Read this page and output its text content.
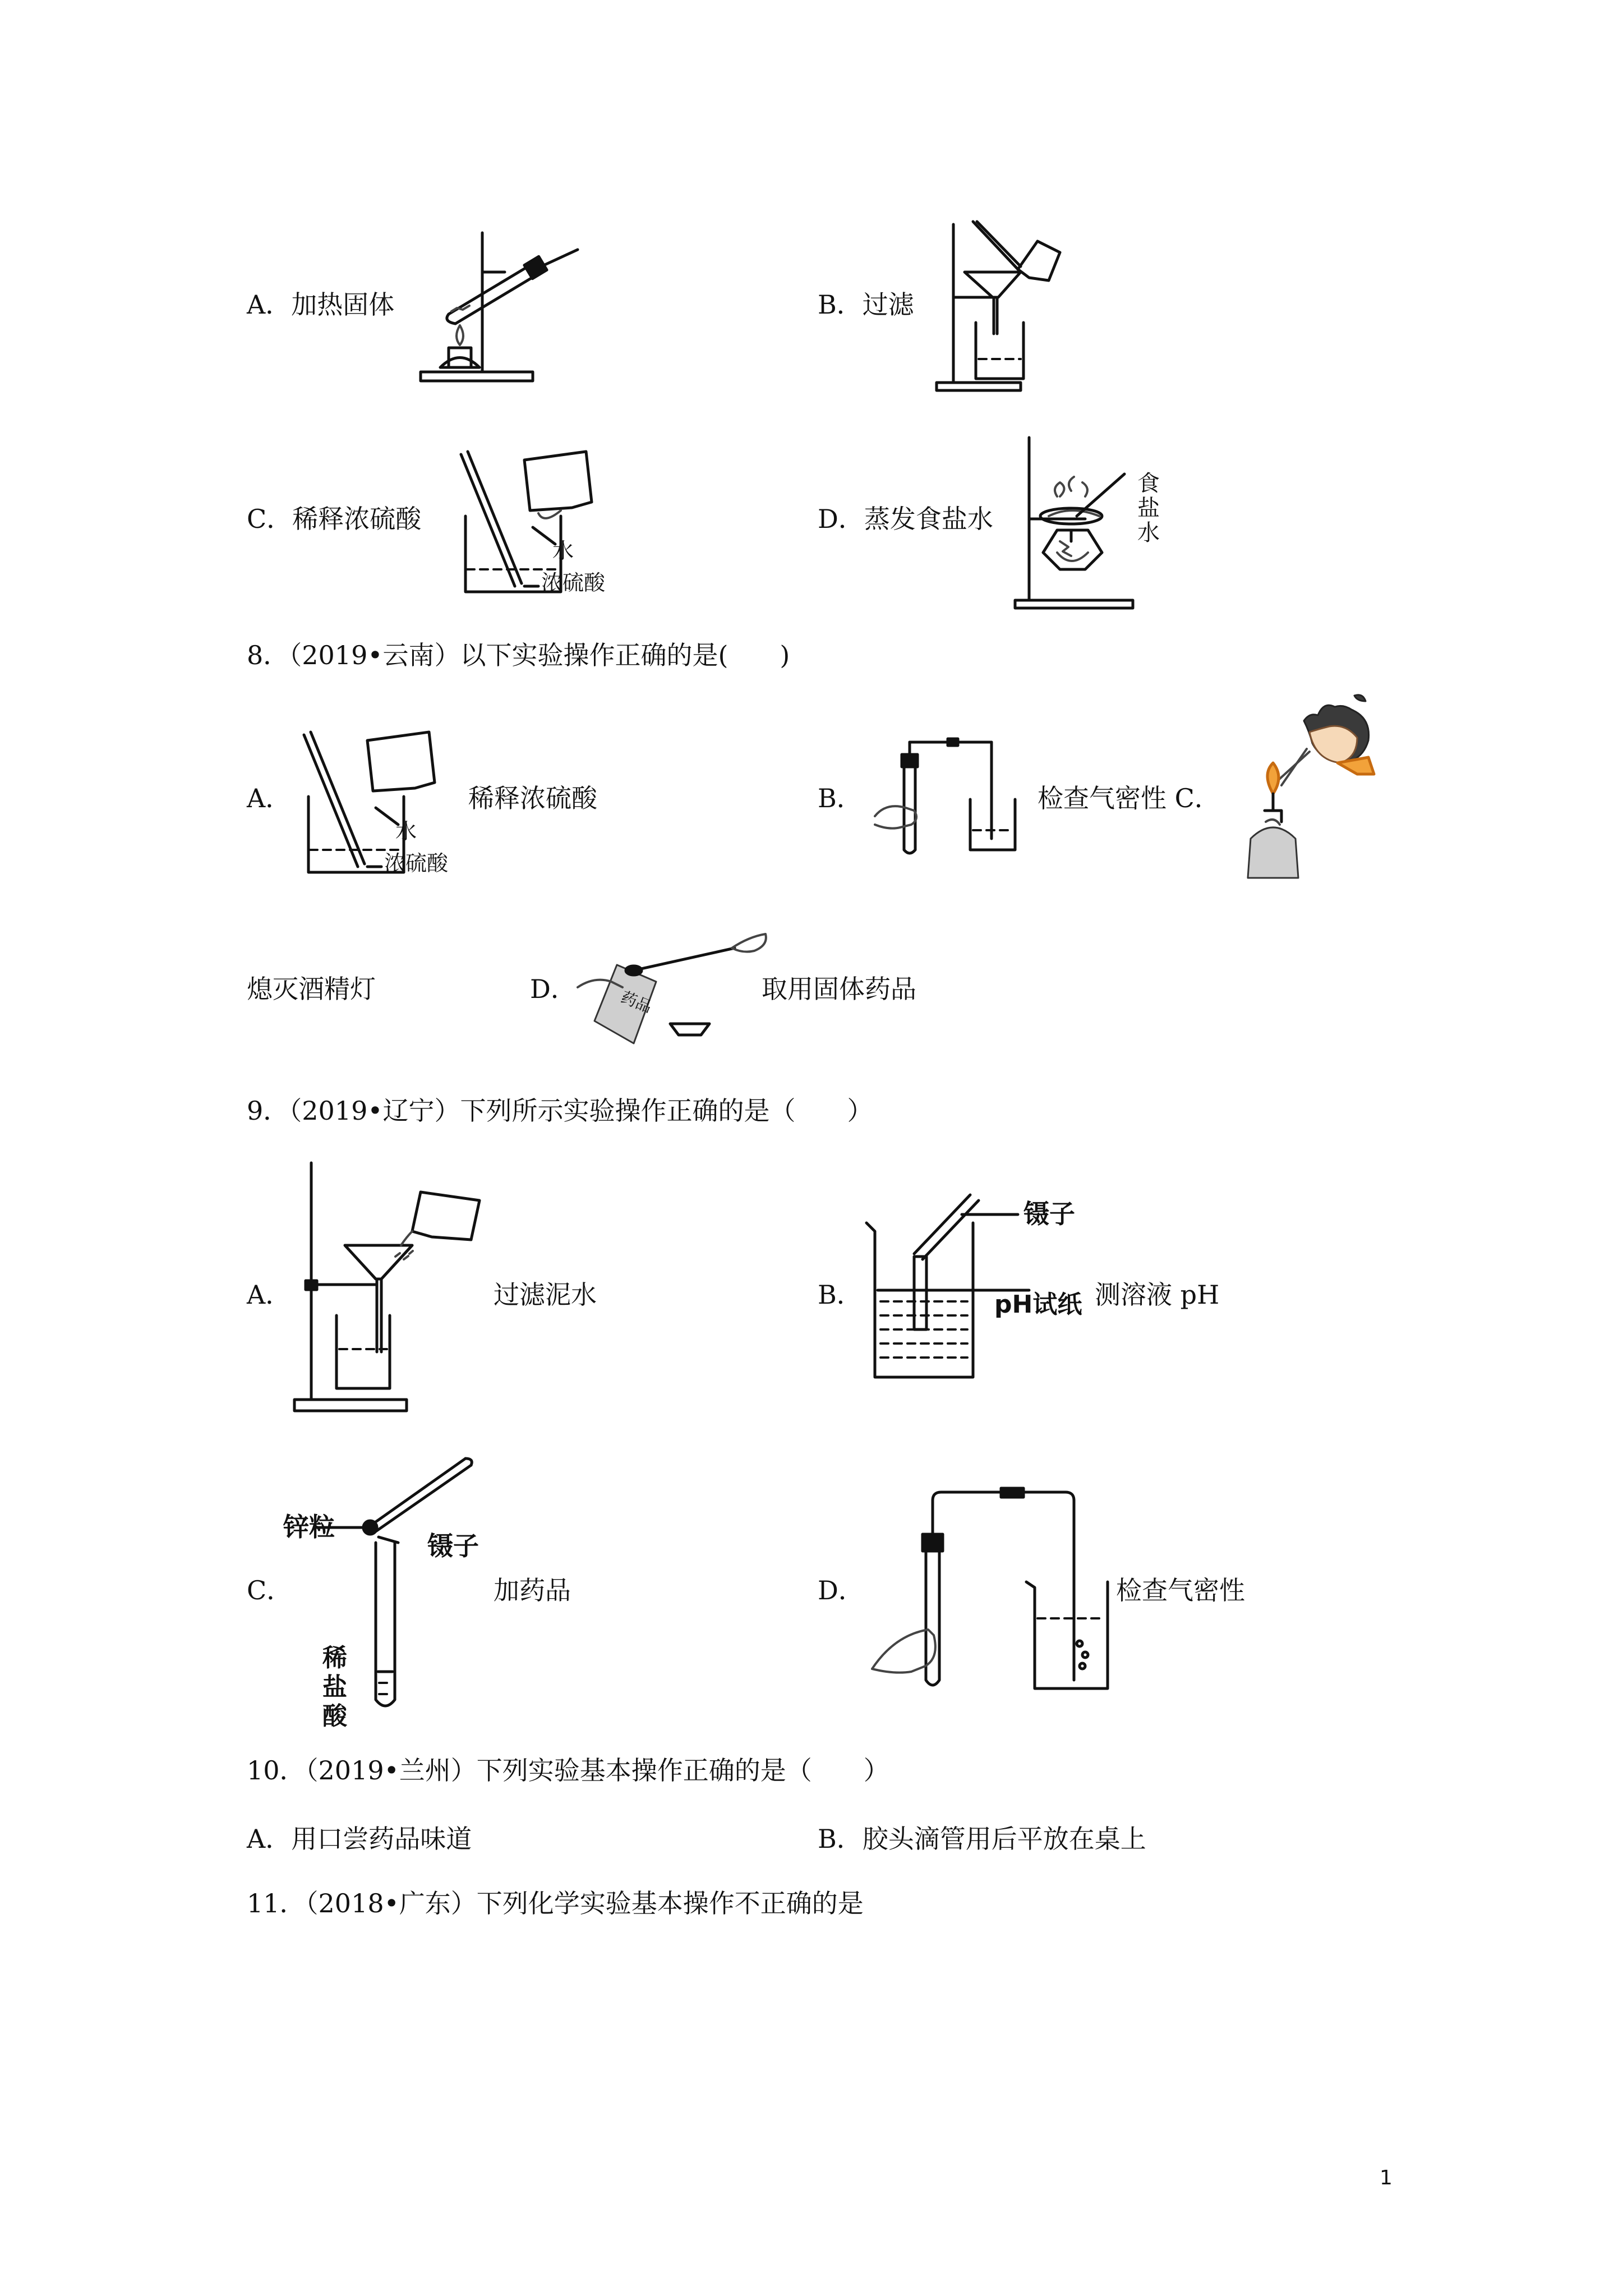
A．加热固体	B．过滤
C．稀释浓硫酸
水
浓硫酸
D．蒸发食盐水
食
盐
水
8．（2019•云南）以下实验操作正确的是(　　)
A．
水
浓硫酸
稀释浓硫酸	B．	检查气密性 C．
熄灭酒精灯	D．	药品	取用固体药品
9．（2019•辽宁）下列所示实验操作正确的是（　　）
A．	过滤泥水	B．
镊子
pH试纸 测溶液 pH
C．
锌粒
镊子
稀
盐
酸
加药品	D．	检查气密性
10．（2019•兰州）下列实验基本操作正确的是（　　）
A．用口尝药品味道	B．胶头滴管用后平放在桌上
11．（2018•广东）下列化学实验基本操作不正确的是
1
